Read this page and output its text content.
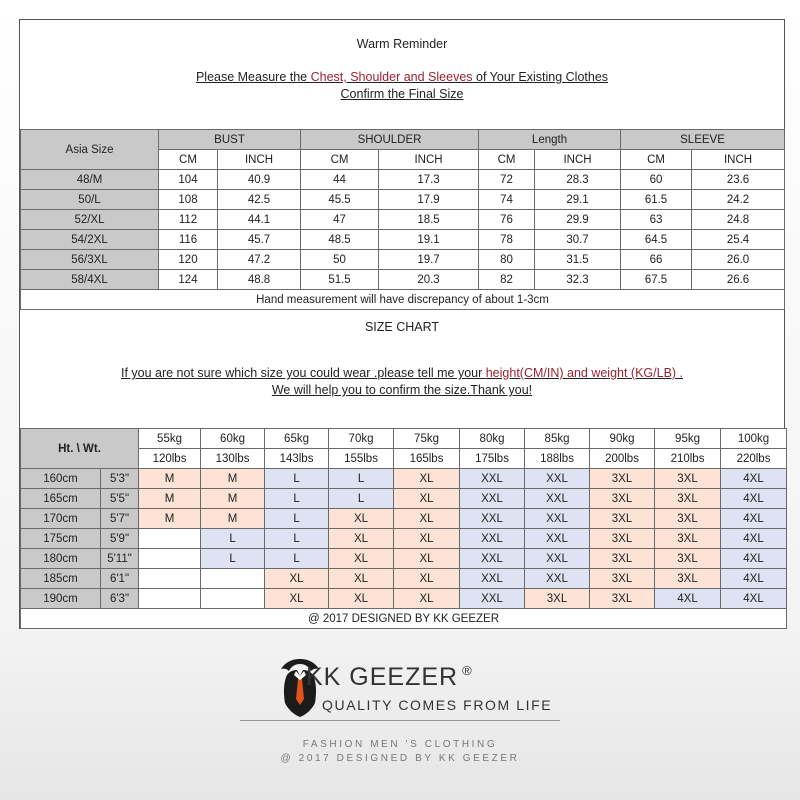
Warm Reminder
Please Measure the Chest, Shoulder and Sleeves of Your Existing Clothes
Confirm the Final Size
Asia Size	BUST		SHOULDER		Length		SLEEVE	
	CM	INCH	CM	INCH	CM	INCH	CM	INCH
48/M	104	40.9	44	17.3	72	28.3	60	23.6
50/L	108	42.5	45.5	17.9	74	29.1	61.5	24.2
52/XL	112	44.1	47	18.5	76	29.9	63	24.8
54/2XL	116	45.7	48.5	19.1	78	30.7	64.5	25.4
56/3XL	120	47.2	50	19.7	80	31.5	66	26.0
58/4XL	124	48.8	51.5	20.3	82	32.3	67.5	26.6
Hand measurement will have discrepancy of about 1-3cm								
SIZE CHART
If you are not sure which size you could wear .please tell me your height(CM/IN) and weight (KG/LB) .
We will help you to confirm the size.Thank you!
Ht. \ Wt.		55kg	60kg	65kg	70kg	75kg	80kg	85kg	90kg	95kg	100kg
		120lbs	130lbs	143lbs	155lbs	165lbs	175lbs	188lbs	200lbs	210lbs	220lbs
160cm	5'3"	M	M	L	L	XL	XXL	XXL	3XL	3XL	4XL
165cm	5'5"	M	M	L	L	XL	XXL	XXL	3XL	3XL	4XL
170cm	5'7"	M	M	L	XL	XL	XXL	XXL	3XL	3XL	4XL
175cm	5'9"		L	L	XL	XL	XXL	XXL	3XL	3XL	4XL
180cm	5'11"		L	L	XL	XL	XXL	XXL	3XL	3XL	4XL
185cm	6'1"			XL	XL	XL	XXL	XXL	3XL	3XL	4XL
190cm	6'3"			XL	XL	XL	XXL	3XL	3XL	4XL	4XL
@ 2017 DESIGNED BY KK GEEZER											
KK GEEZER ®
QUALITY COMES FROM LIFE
FASHION MEN 'S CLOTHING
@ 2017 DESIGNED BY KK GEEZER
